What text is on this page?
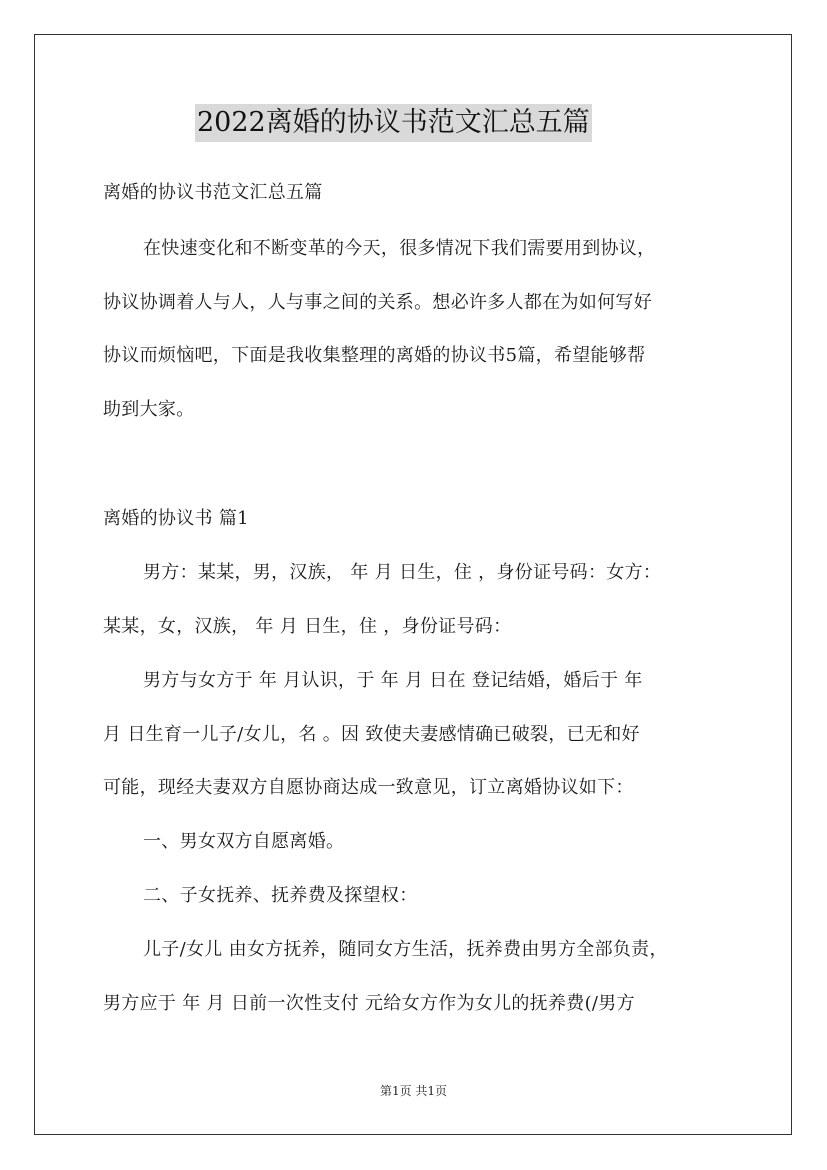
2022离婚的协议书范文汇总五篇
离婚的协议书范文汇总五篇
在快速变化和不断变革的今天，很多情况下我们需要用到协议，
协议协调着人与人，人与事之间的关系。想必许多人都在为如何写好
协议而烦恼吧，下面是我收集整理的离婚的协议书5篇，希望能够帮
助到大家。
离婚的协议书 篇1
男方：某某，男，汉族， 年 月 日生，住 ，身份证号码：女方：
某某，女，汉族， 年 月 日生，住 ，身份证号码：
男方与女方于 年 月认识，于 年 月 日在 登记结婚，婚后于 年
月 日生育一儿子/女儿，名 。因 致使夫妻感情确已破裂，已无和好
可能，现经夫妻双方自愿协商达成一致意见，订立离婚协议如下：
一、男女双方自愿离婚。
二、子女抚养、抚养费及探望权：
儿子/女儿 由女方抚养，随同女方生活，抚养费由男方全部负责，
男方应于 年 月 日前一次性支付 元给女方作为女儿的抚养费(/男方
第1页 共1页
